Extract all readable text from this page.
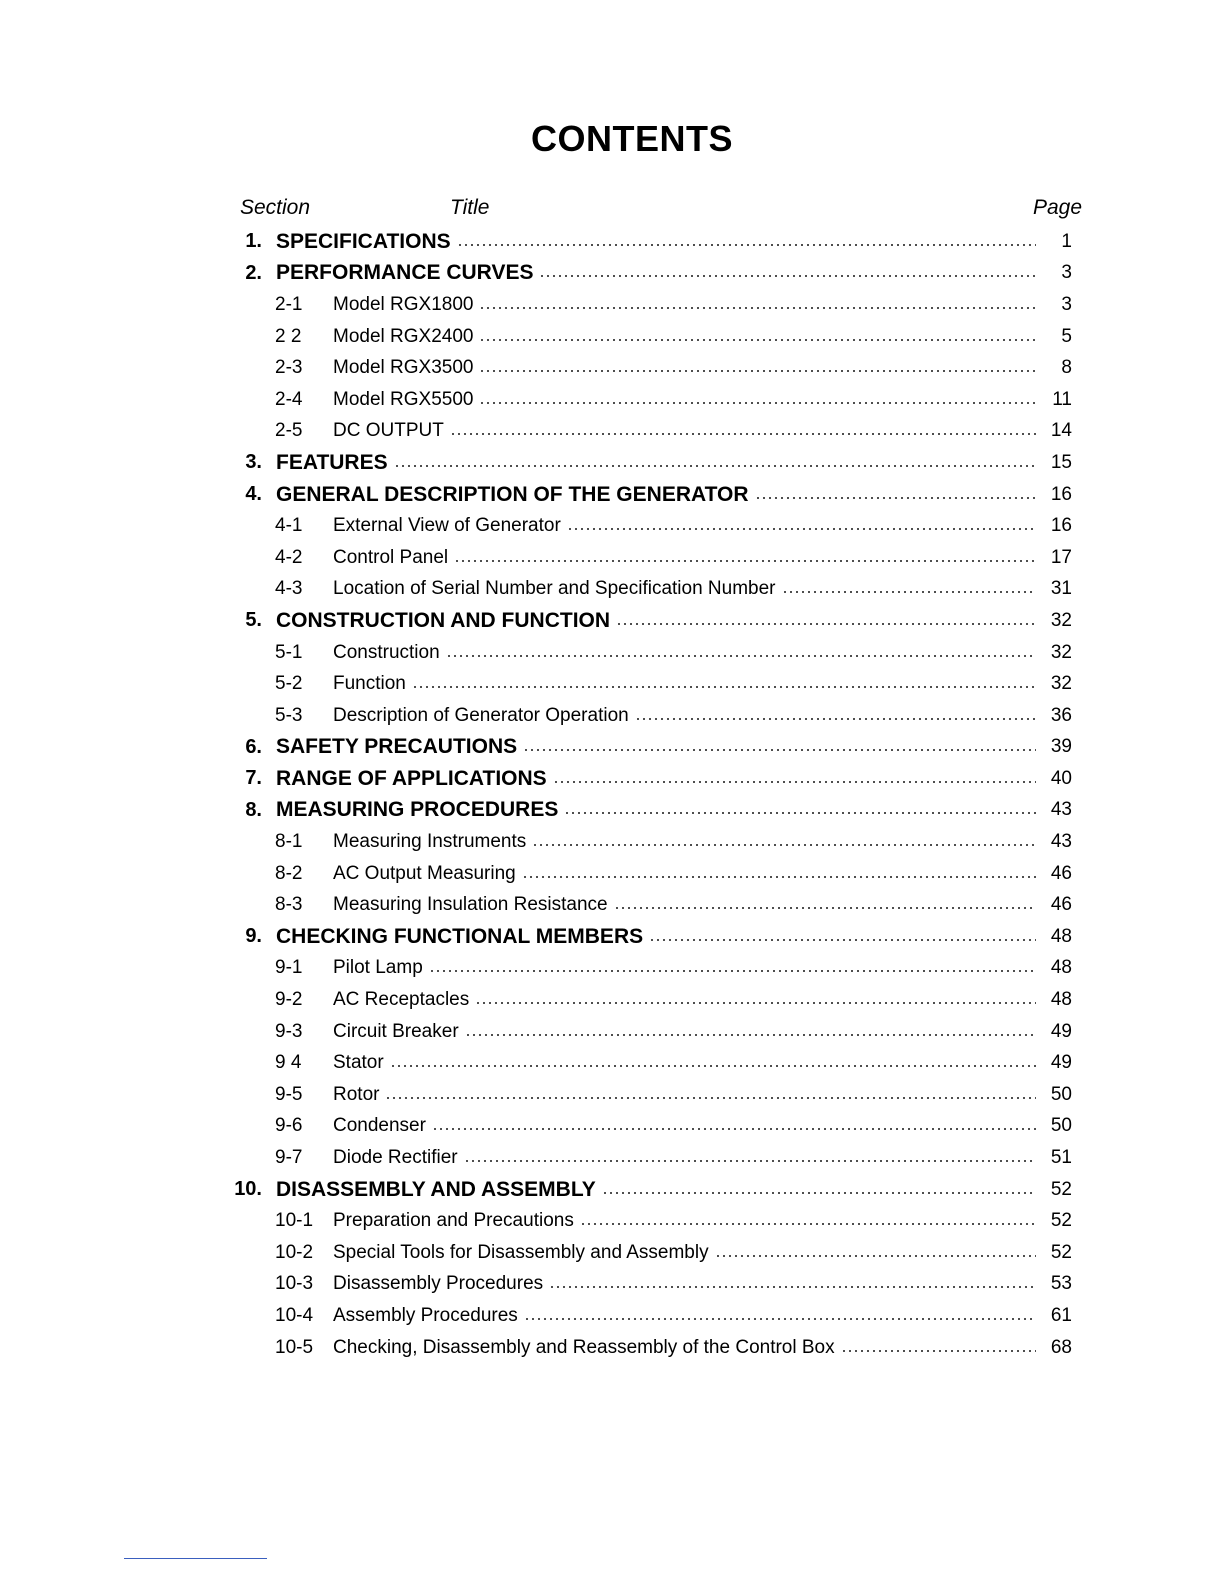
CONTENTS
Section	Title	Page
1. SPECIFICATIONS	1
2. PERFORMANCE CURVES	3
2-1 Model RGX1800	3
2 2 Model RGX2400	5
2-3 Model RGX3500	8
2-4 Model RGX5500	11
2-5 DC OUTPUT	14
3. FEATURES	15
4. GENERAL DESCRIPTION OF THE GENERATOR	16
4-1 External View of Generator	16
4-2 Control Panel	17
4-3 Location of Serial Number and Specification Number	31
5. CONSTRUCTION AND FUNCTION	32
5-1 Construction	32
5-2 Function	32
5-3 Description of Generator Operation	36
6. SAFETY PRECAUTIONS	39
7. RANGE OF APPLICATIONS	40
8. MEASURING PROCEDURES	43
8-1 Measuring Instruments	43
8-2 AC Output Measuring	46
8-3 Measuring Insulation Resistance	46
9. CHECKING FUNCTIONAL MEMBERS	48
9-1 Pilot Lamp	48
9-2 AC Receptacles	48
9-3 Circuit Breaker	49
9 4 Stator	49
9-5 Rotor	50
9-6 Condenser	50
9-7 Diode Rectifier	51
10. DISASSEMBLY AND ASSEMBLY	52
10-1 Preparation and Precautions	52
10-2 Special Tools for Disassembly and Assembly	52
10-3 Disassembly Procedures	53
10-4 Assembly Procedures	61
10-5 Checking, Disassembly and Reassembly of the Control Box	68
